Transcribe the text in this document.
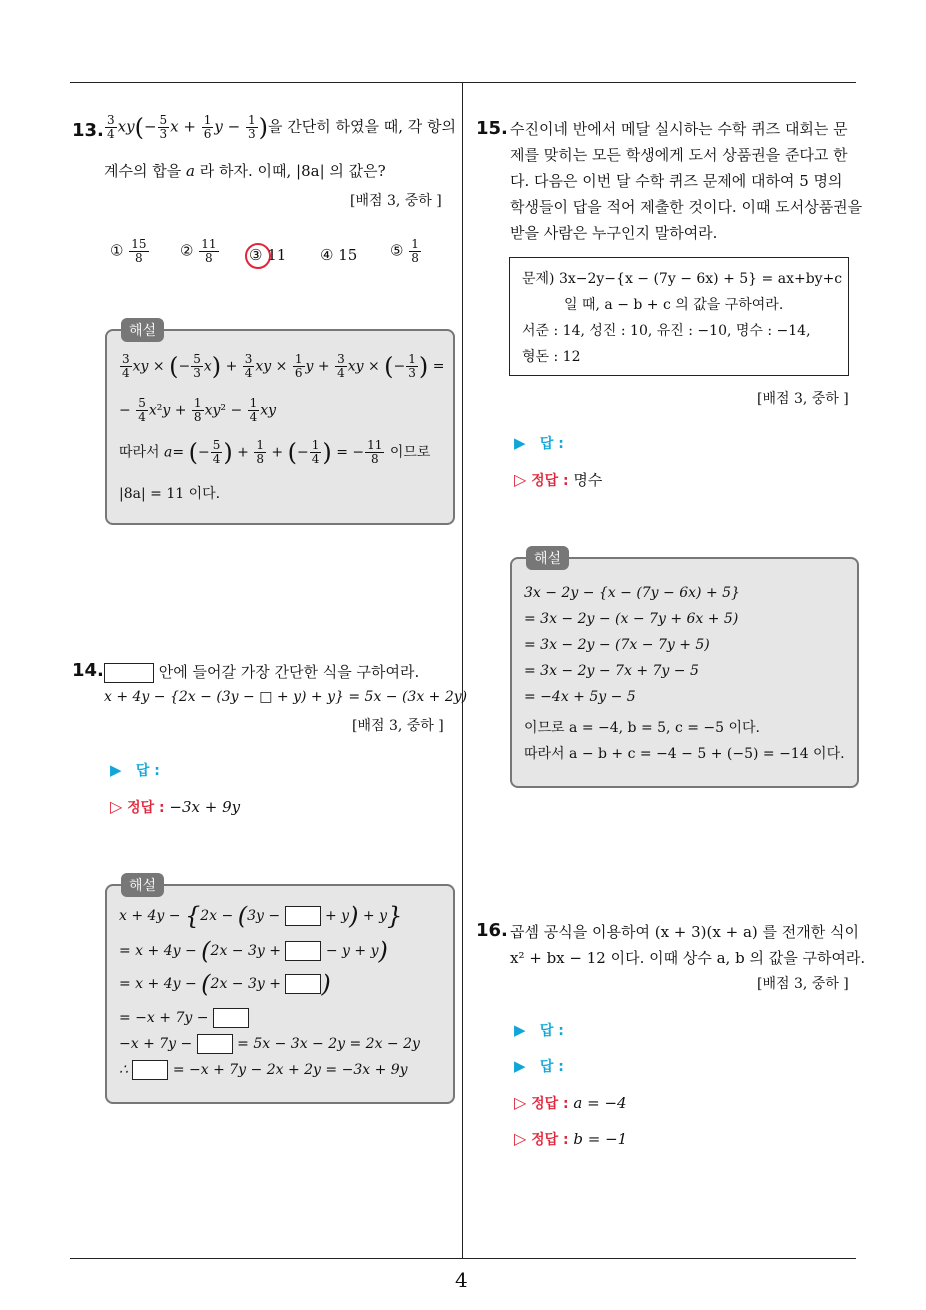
13. $\frac{3}{4} xy(- \frac{5}{3}$ $x + \frac{1}{6}$ $y - \frac{1}{3}$ )을 간단히 하였을 때, 각 항의
계수의 합을 a 라 하자. 이때, |8a| 의 값은?
[배점 3, 중하 ]
① $\frac{15}{8}$ ② $\frac{11}{8}$ ③ 11 ④ 15 ⑤ $\frac{1}{8}$
해설
$\frac{3}{4}$ xy × (− $\frac{5}{3} x) + \frac{3}{4}$ xy × $\frac{1}{6}$ $y + \frac{3}{4}$ xy × (− $\frac{1}{3}$ ) =
− $\frac{5}{4} x^2y + \frac{1}{8} xy^2 - \frac{1}{4}$ xy
따라서 a= (− $\frac{5}{4}$ ) + $\frac{1}{8}$ + (− $\frac{1}{4}$ ) = − $\frac{11}{8}$ 이므로
|8a| = 11 이다.
14.	안에 들어갈 가장 간단한 식을 구하여라.
x + 4y − {2x − (3y − □ + y) + y} = 5x − (3x + 2y)
[배점 3, 중하 ]
▶ 답 :
▷ 정답 : −3x + 9y
해설
x + 4y − {2x − (3y −	+ y) + y}
= x + 4y − (2x − 3y +	− y + y)
= x + 4y − (2x − 3y + )
= −x + 7y −
−x + 7y −	= 5x − 3x − 2y = 2x − 2y
∴	= −x + 7y − 2x + 2y = −3x + 9y
15. 수진이네 반에서 메달 실시하는 수학 퀴즈 대회는 문
제를 맞히는 모든 학생에게 도서 상품권을 준다고 한
다. 다음은 이번 달 수학 퀴즈 문제에 대하여 5 명의
학생들이 답을 적어 제출한 것이다. 이때 도서상품권을
받을 사람은 누구인지 말하여라.
문제) 3x−2y−{x − (7y − 6x) + 5} = ax+by+c
일 때, a − b + c 의 값을 구하여라.
서준 : 14, 성진 : 10, 유진 : −10, 명수 : −14,
형돈 : 12
[배점 3, 중하 ]
▶ 답 :
▷ 정답 : 명수
해설
3x − 2y − {x − (7y − 6x) + 5}
= 3x − 2y − (x − 7y + 6x + 5)
= 3x − 2y − (7x − 7y + 5)
= 3x − 2y − 7x + 7y − 5
= −4x + 5y − 5
이므로 a = −4, b = 5, c = −5 이다.
따라서 a − b + c = −4 − 5 + (−5) = −14 이다.
16. 곱셈 공식을 이용하여 (x + 3)(x + a) 를 전개한 식이
x² + bx − 12 이다. 이때 상수 a, b 의 값을 구하여라.
[배점 3, 중하 ]
▶ 답 :
▶ 답 :
▷ 정답 : a = −4
▷ 정답 : b = −1
4
